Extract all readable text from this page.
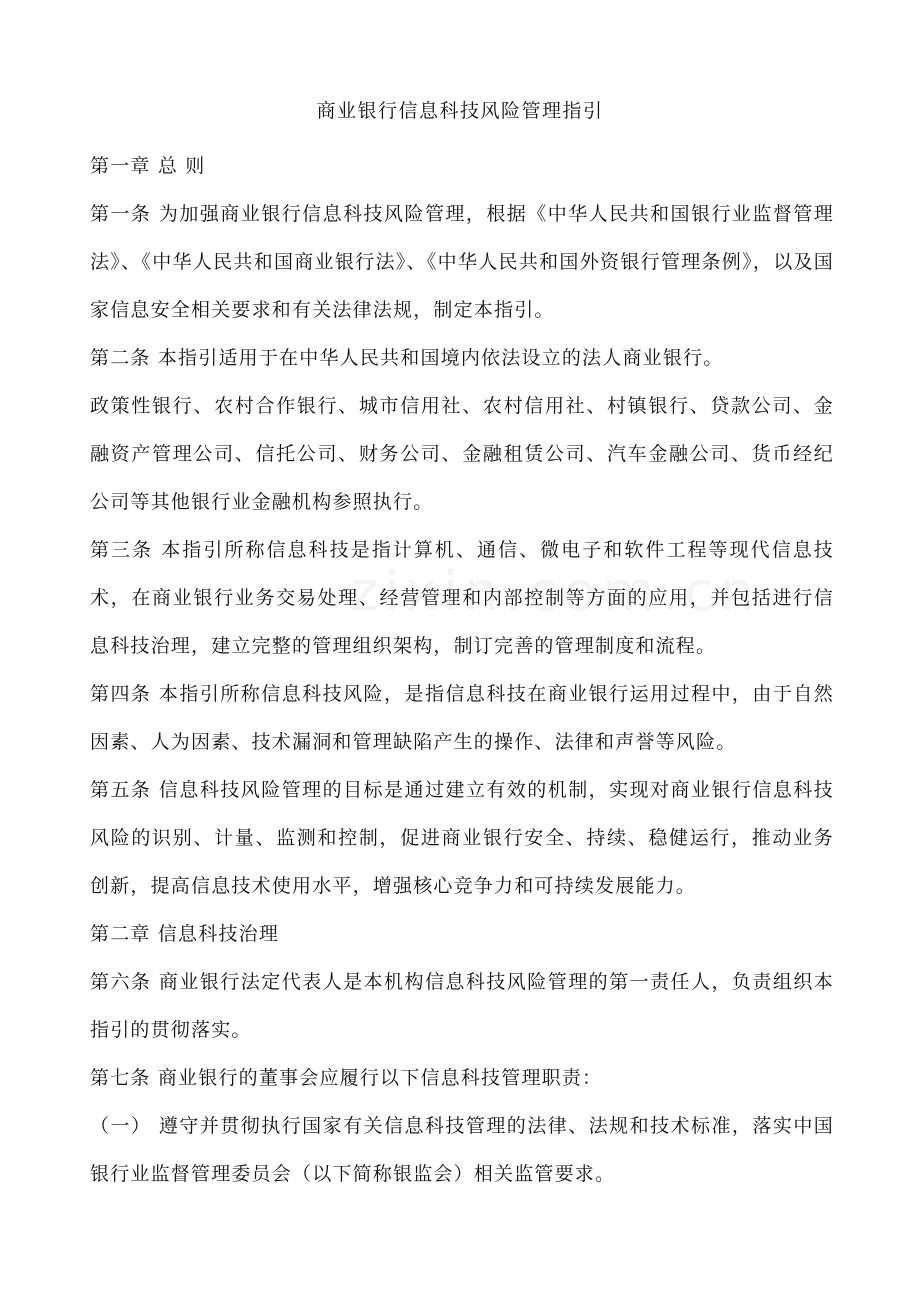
商业银行信息科技风险管理指引

第一章 总 则

第一条 为加强商业银行信息科技风险管理，根据《中华人民共和国银行业监督管理法》、《中华人民共和国商业银行法》、《中华人民共和国外资银行管理条例》，以及国家信息安全相关要求和有关法律法规，制定本指引。

第二条 本指引适用于在中华人民共和国境内依法设立的法人商业银行。

政策性银行、农村合作银行、城市信用社、农村信用社、村镇银行、贷款公司、金融资产管理公司、信托公司、财务公司、金融租赁公司、汽车金融公司、货币经纪公司等其他银行业金融机构参照执行。

第三条 本指引所称信息科技是指计算机、通信、微电子和软件工程等现代信息技术，在商业银行业务交易处理、经营管理和内部控制等方面的应用，并包括进行信息科技治理，建立完整的管理组织架构，制订完善的管理制度和流程。

第四条 本指引所称信息科技风险，是指信息科技在商业银行运用过程中，由于自然因素、人为因素、技术漏洞和管理缺陷产生的操作、法律和声誉等风险。

第五条 信息科技风险管理的目标是通过建立有效的机制，实现对商业银行信息科技风险的识别、计量、监测和控制，促进商业银行安全、持续、稳健运行，推动业务创新，提高信息技术使用水平，增强核心竞争力和可持续发展能力。

第二章 信息科技治理

第六条 商业银行法定代表人是本机构信息科技风险管理的第一责任人，负责组织本指引的贯彻落实。

第七条 商业银行的董事会应履行以下信息科技管理职责：

（一） 遵守并贯彻执行国家有关信息科技管理的法律、法规和技术标准，落实中国银行业监督管理委员会（以下简称银监会）相关监管要求。
